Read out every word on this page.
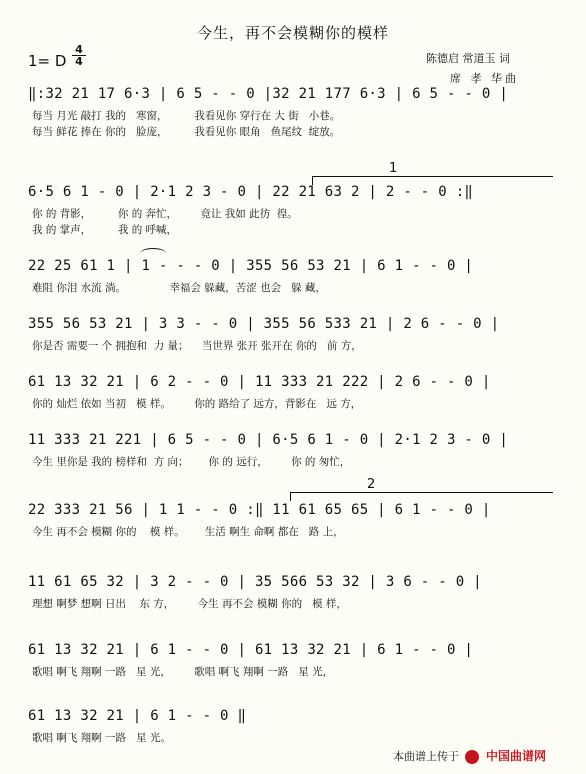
今生，再不会模糊你的模样
1= D
4
4	陈德启 常道玉 词
席 孝 华曲
‖:32 21 17 6·3 | 6 5 - - 0 |32 21 177 6·3 | 6 5 - - 0 |
每当 月光 敲打 我的   寒窗，        我看见你 穿行在 大 街   小巷。
每当 鲜花 捧在 你的   脸庞，        我看见你 眼角   鱼尾纹  绽放。
1
6·5 6 1 - 0 | 2·1 2 3 - 0 | 22 21 63 2 | 2 - - 0 :‖
你 的 背影，        你 的 奔忙，       竟让 我如 此彷  徨。
我 的 掌声，        我 的 呼喊，
22 25 61 1 | 1 - - - 0 | 355 56 53 21 | 6 1 - - 0 |
难阻 你泪 水流 淌。             幸福会 躲藏，苦涩 也会   躲 藏，
355 56 53 21 | 3 3 - - 0 | 355 56 533 21 | 2 6 - - 0 |
你是否 需要一 个 拥抱和  力 量；    当世界 张开 张开在 你的   前 方，
61 13 32 21 | 6 2 - - 0 | 11 333 21 222 | 2 6 - - 0 |
你的 灿烂 依如 当初   模 样。       你的 路给了 远方，背影在   远 方，
11 333 21 221 | 6 5 - - 0 | 6·5 6 1 - 0 | 2·1 2 3 - 0 |
今生 里你是 我的 榜样和  方 向；      你 的 远行，       你 的 匆忙，
2
22 333 21 56 | 1 1 - - 0 :‖ 11 61 65 65 | 6 1 - - 0 |
今生 再不会 模糊 你的    模 样。      生活 啊生 命啊 都在   路 上，
11 61 65 32 | 3 2 - - 0 | 35 566 53 32 | 3 6 - - 0 |
理想 啊梦 想啊 日出    东 方，       今生 再不会 模糊 你的   模 样，
61 13 32 21 | 6 1 - - 0 | 61 13 32 21 | 6 1 - - 0 |
歌唱 啊飞 翔啊 一路   星 光，       歌唱 啊飞 翔啊 一路   星 光，
61 13 32 21 | 6 1 - - 0 ‖
歌唱 啊飞 翔啊 一路   星 光。
本曲谱上传于 中国曲谱网
